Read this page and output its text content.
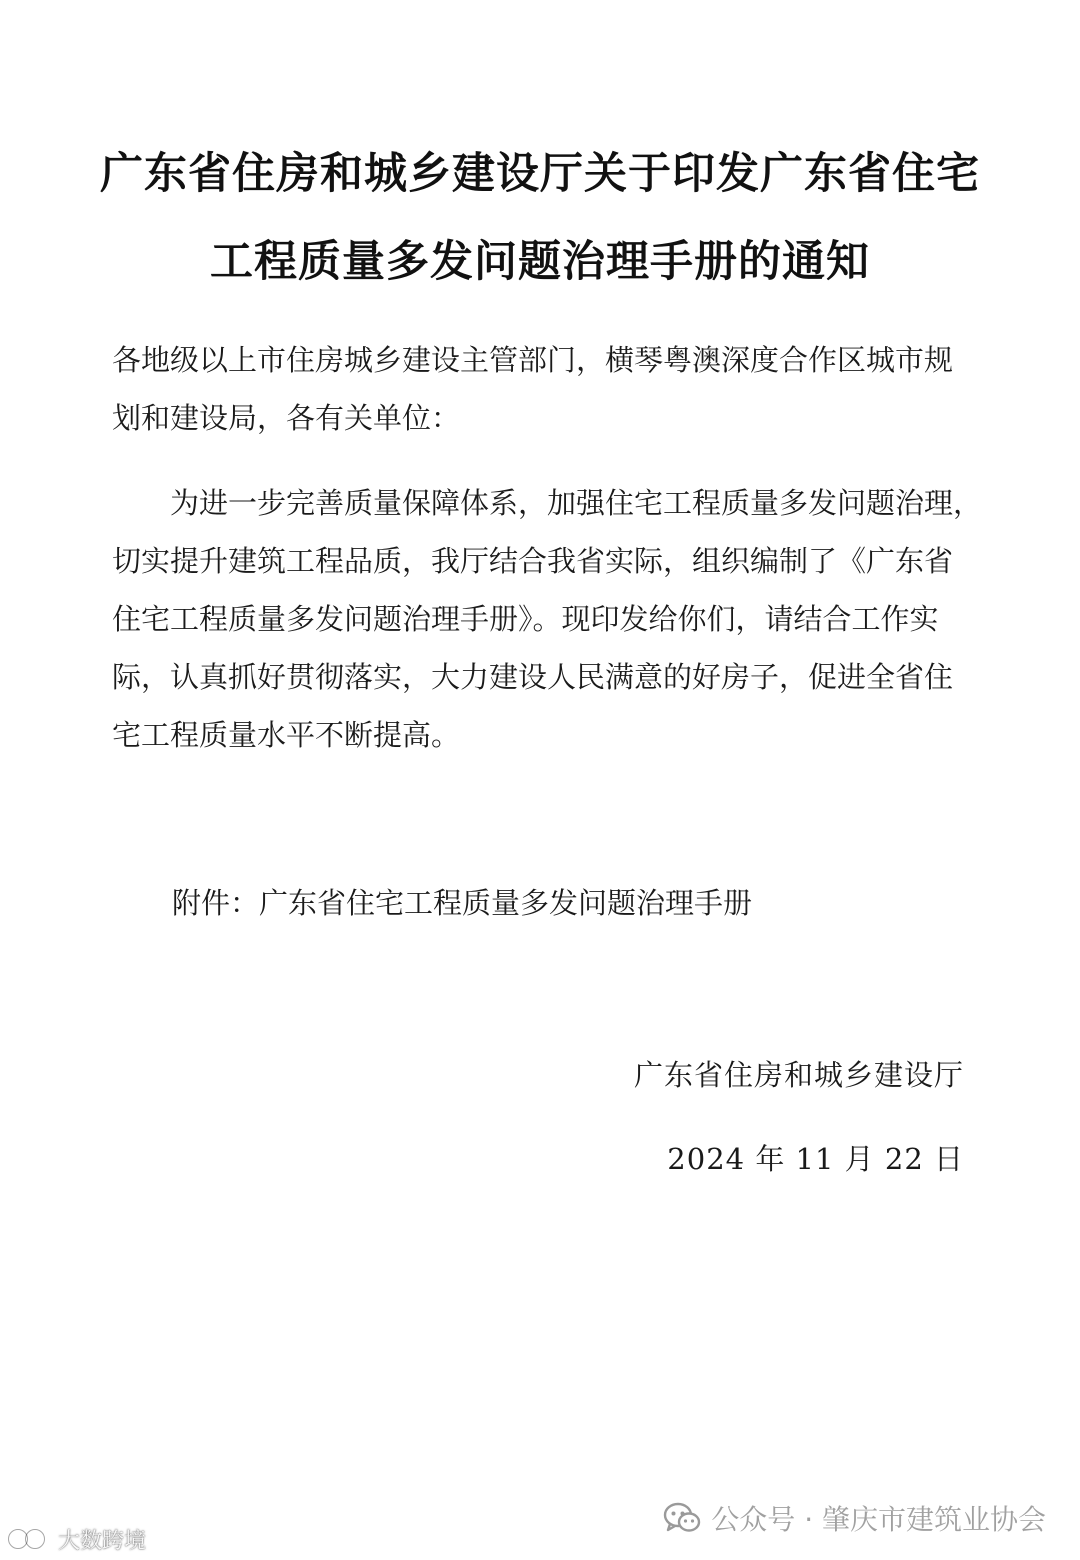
广东省住房和城乡建设厅关于印发广东省住宅
工程质量多发问题治理手册的通知
各地级以上市住房城乡建设主管部门，横琴粤澳深度合作区城市规
划和建设局，各有关单位：
为进一步完善质量保障体系，加强住宅工程质量多发问题治理，
切实提升建筑工程品质，我厅结合我省实际，组织编制了《广东省
住宅工程质量多发问题治理手册》。现印发给你们，请结合工作实
际，认真抓好贯彻落实，大力建设人民满意的好房子，促进全省住
宅工程质量水平不断提高。
附件：广东省住宅工程质量多发问题治理手册
广东省住房和城乡建设厅
2024 年 11 月 22 日
公众号 · 肇庆市建筑业协会
大数跨境
